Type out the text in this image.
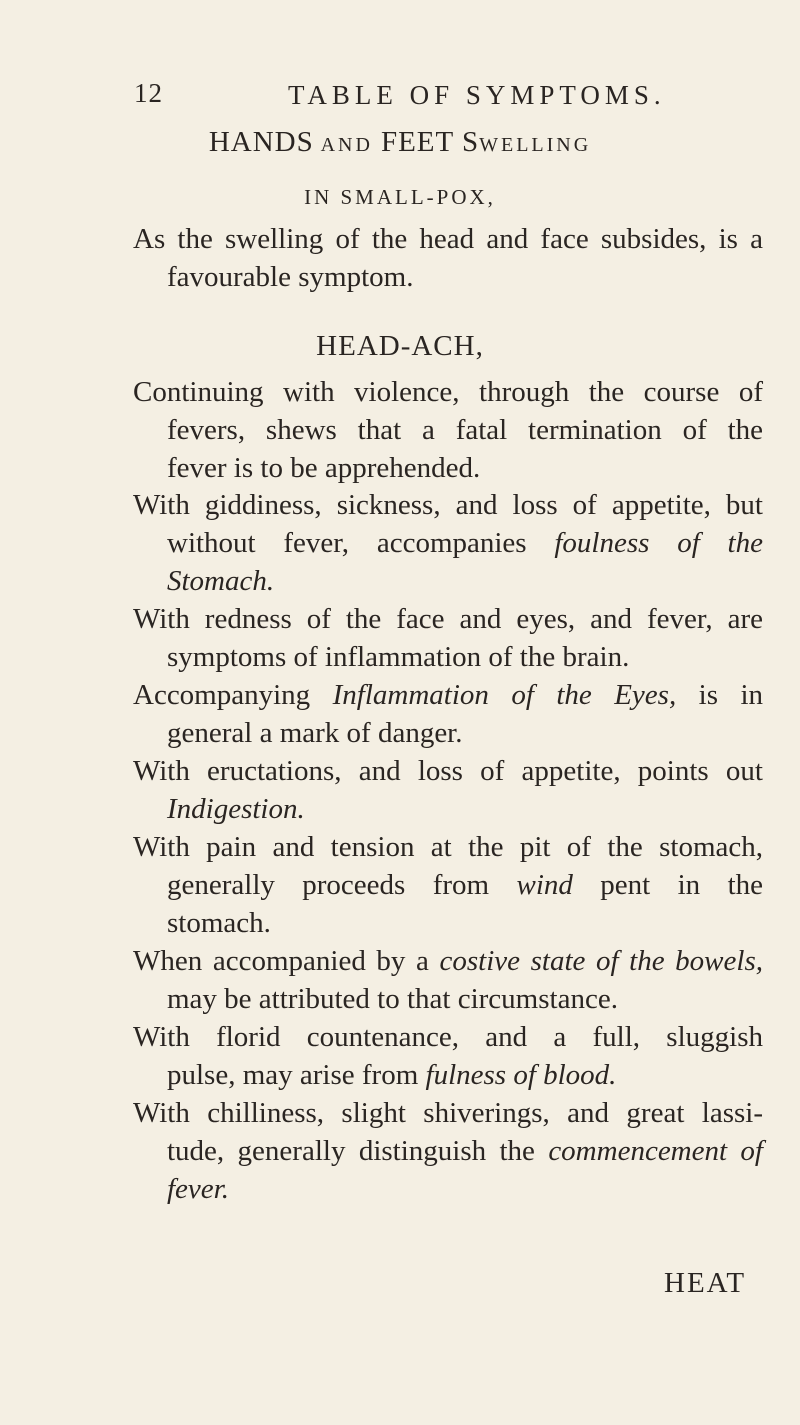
12	TABLE OF SYMPTOMS.
HANDS AND FEET SWELLING
IN SMALL-POX,
As the swelling of the head and face subsides, is a
favourable symptom.
HEAD-ACH,
Continuing with violence, through the course of
fevers, shews that a fatal termination of the
fever is to be apprehended.
With giddiness, sickness, and loss of appetite, but
without fever, accompanies foulness of the
Stomach.
With redness of the face and eyes, and fever, are
symptoms of inflammation of the brain.
Accompanying Inflammation of the Eyes, is in
general a mark of danger.
With eructations, and loss of appetite, points out
Indigestion.
With pain and tension at the pit of the stomach,
generally proceeds from wind pent in the
stomach.
When accompanied by a costive state of the bowels,
may be attributed to that circumstance.
With florid countenance, and a full, sluggish
pulse, may arise from fulness of blood.
With chilliness, slight shiverings, and great lassi-
tude, generally distinguish the commencement of
fever.
HEAT
